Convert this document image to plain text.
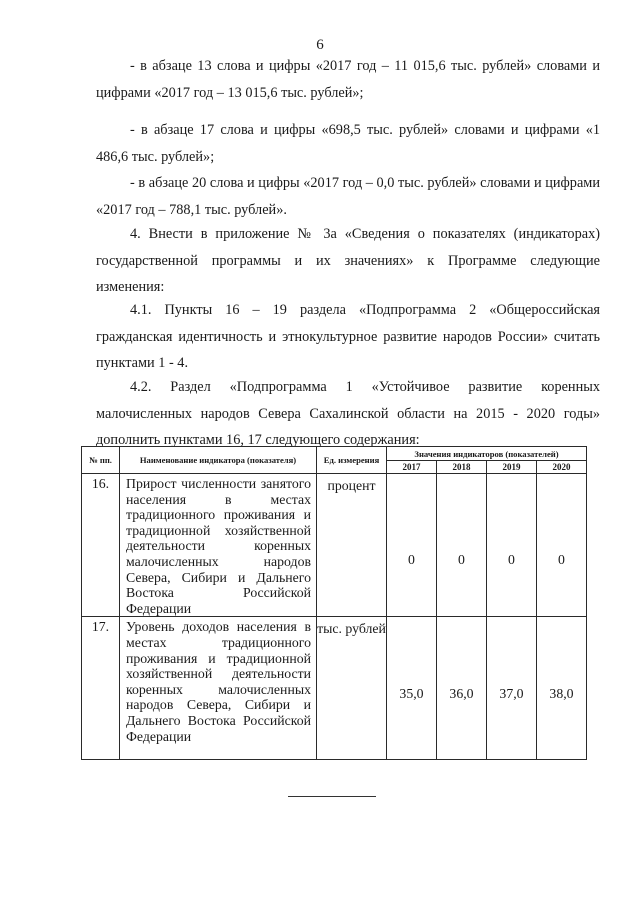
6
- в абзаце 13 слова и цифры «2017 год – 11 015,6 тыс. рублей» словами и цифрами «2017 год – 13 015,6 тыс. рублей»;
- в абзаце 17 слова и цифры «698,5 тыс. рублей» словами и цифрами «1 486,6 тыс. рублей»;
- в абзаце 20 слова и цифры «2017 год – 0,0 тыс. рублей» словами и цифрами «2017 год – 788,1 тыс. рублей».
4. Внести в приложение № 3а «Сведения о показателях (индикаторах) государственной программы и их значениях» к Программе следующие изменения:
4.1. Пункты 16 – 19 раздела «Подпрограмма 2 «Общероссийская гражданская идентичность и этнокультурное развитие народов России» считать пунктами 1 - 4.
4.2. Раздел «Подпрограмма 1 «Устойчивое развитие коренных малочисленных народов Севера Сахалинской области на 2015 - 2020 годы» дополнить пунктами 16, 17 следующего содержания:
№ пп.	Наименование индикатора (показателя)	Ед. измерения	Значения индикаторов (показателей)			
			2017	2018	2019	2020
16.	Прирост численности занятого населения в местах традиционного проживания и традиционной хозяйственной деятельности коренных малочисленных народов Севера, Сибири и Дальнего Востока Российской Федерации	процент	0	0	0	0
17.	Уровень доходов населения в местах традиционного проживания и традиционной хозяйственной деятельности коренных малочисленных народов Севера, Сибири и Дальнего Востока Российской Федерации	тыс. рублей	35,0	36,0	37,0	38,0
